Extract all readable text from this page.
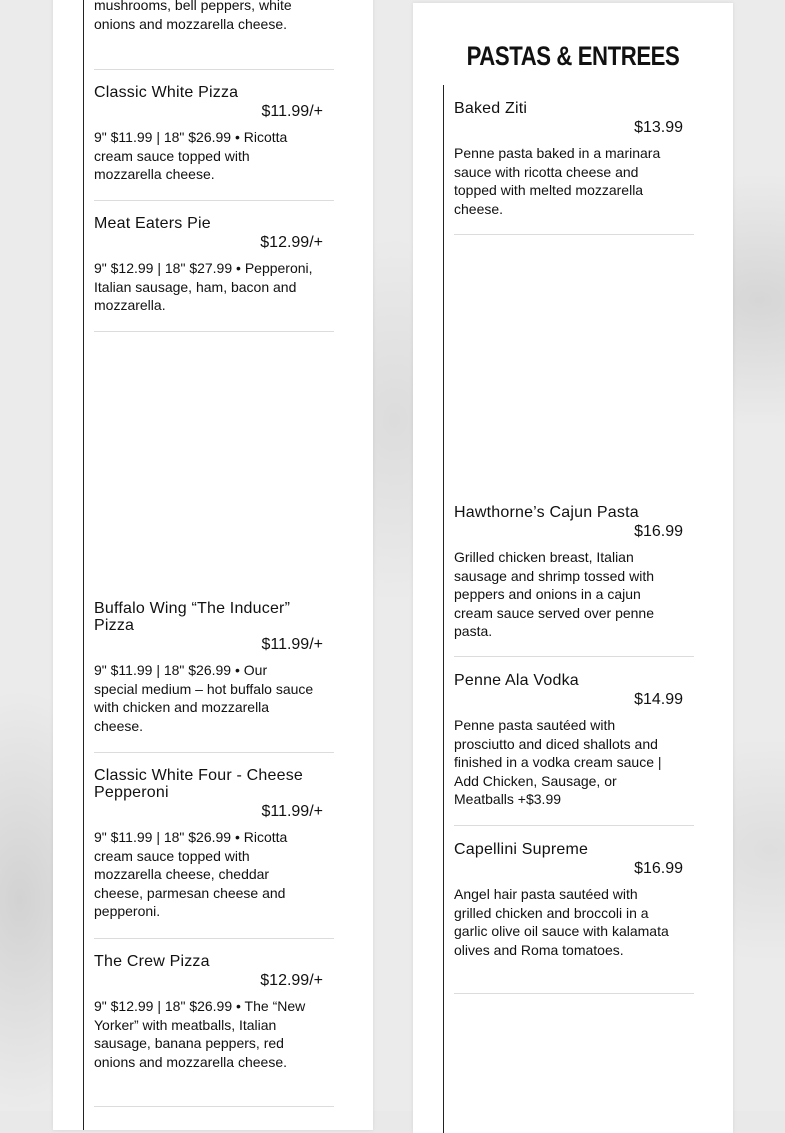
mushrooms, bell peppers, white onions and mozzarella cheese.
Classic White Pizza
$11.99/+
9" $11.99 | 18" $26.99 • Ricotta cream sauce topped with mozzarella cheese.
Meat Eaters Pie
$12.99/+
9" $12.99 | 18" $27.99 • Pepperoni, Italian sausage, ham, bacon and mozzarella.
Buffalo Wing “The Inducer” Pizza
$11.99/+
9" $11.99 | 18" $26.99 • Our special medium – hot buffalo sauce with chicken and mozzarella cheese.
Classic White Four - Cheese Pepperoni
$11.99/+
9" $11.99 | 18" $26.99 • Ricotta cream sauce topped with mozzarella cheese, cheddar cheese, parmesan cheese and pepperoni.
The Crew Pizza
$12.99/+
9" $12.99 | 18" $26.99 • The “New Yorker” with meatballs, Italian sausage, banana peppers, red onions and mozzarella cheese.
PASTAS & ENTREES
Baked Ziti
$13.99
Penne pasta baked in a marinara sauce with ricotta cheese and topped with melted mozzarella cheese.
Hawthorne’s Cajun Pasta
$16.99
Grilled chicken breast, Italian sausage and shrimp tossed with peppers and onions in a cajun cream sauce served over penne pasta.
Penne Ala Vodka
$14.99
Penne pasta sautéed with prosciutto and diced shallots and finished in a vodka cream sauce | Add Chicken, Sausage, or Meatballs +$3.99
Capellini Supreme
$16.99
Angel hair pasta sautéed with grilled chicken and broccoli in a garlic olive oil sauce with kalamata olives and Roma tomatoes.
